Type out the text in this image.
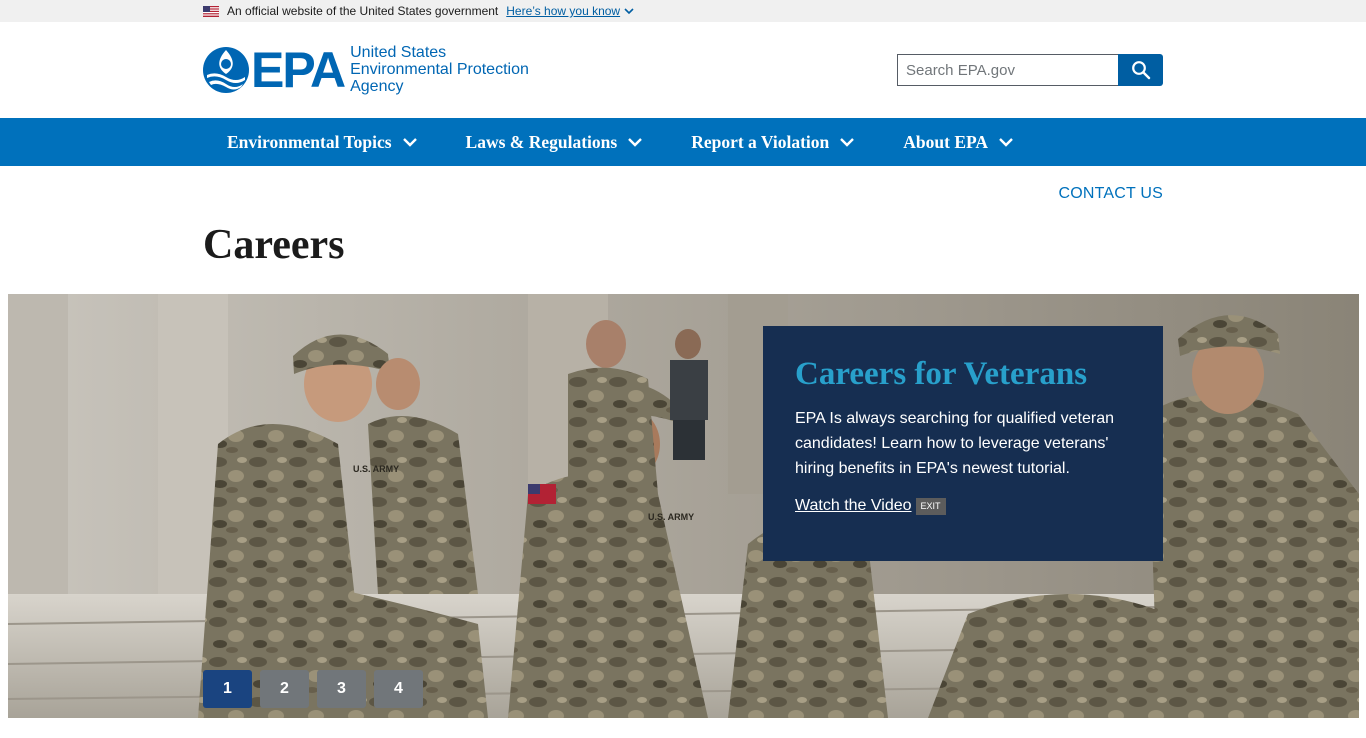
An official website of the United States government Here’s how you know
EPA United States
Environmental Protection
Agency
Search EPA.gov
Environmental Topics	Laws & Regulations	Report a Violation	About EPA
CONTACT US
Careers
U.S. ARMY
U.S. ARMY
Careers for Veterans

EPA Is always searching for qualified veteran candidates! Learn how to leverage veterans' hiring benefits in EPA's newest tutorial.

Watch the Video	EXIT
1	2	3	4
